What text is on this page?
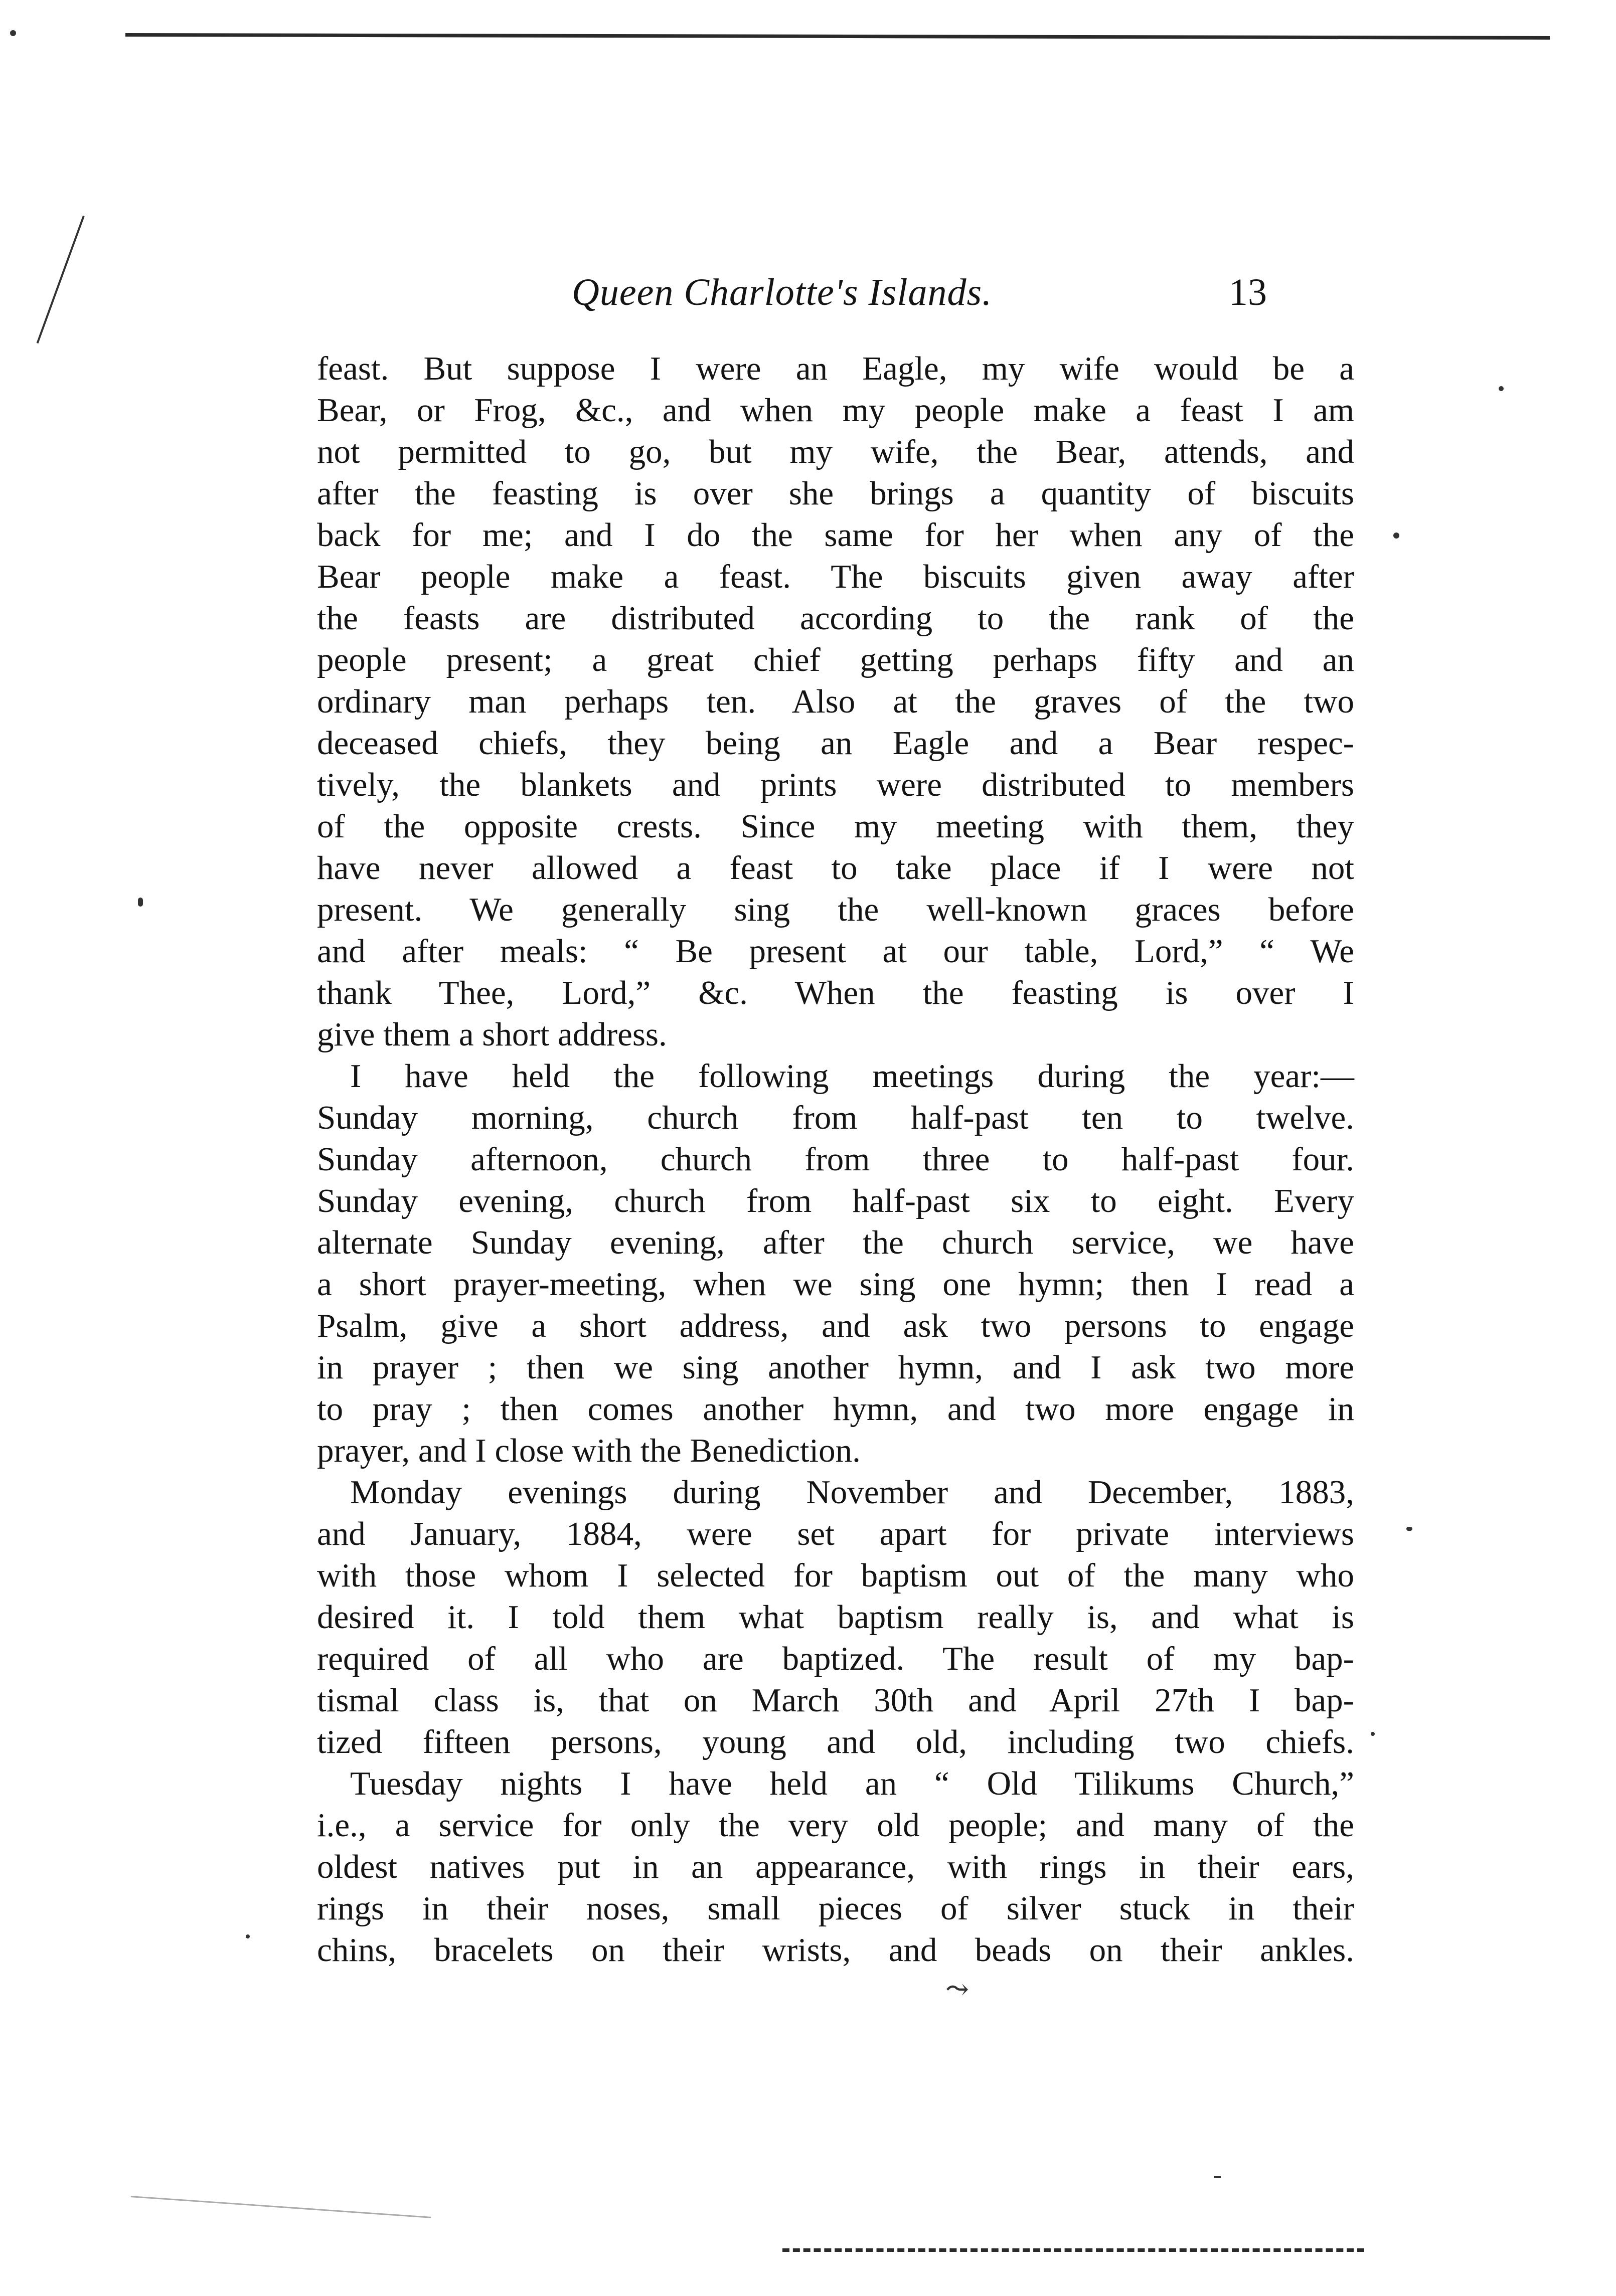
Queen Charlotte's Islands.	13
feast. But suppose I were an Eagle, my wife would be a
Bear, or Frog, &c., and when my people make a feast I am
not permitted to go, but my wife, the Bear, attends, and
after the feasting is over she brings a quantity of biscuits
back for me; and I do the same for her when any of the
Bear people make a feast. The biscuits given away after
the feasts are distributed according to the rank of the
people present; a great chief getting perhaps fifty and an
ordinary man perhaps ten. Also at the graves of the two
deceased chiefs, they being an Eagle and a Bear respec-
tively, the blankets and prints were distributed to members
of the opposite crests. Since my meeting with them, they
have never allowed a feast to take place if I were not
present. We generally sing the well-known graces before
and after meals: “ Be present at our table, Lord,” “ We
thank Thee, Lord,” &c. When the feasting is over I
give them a short address.
I have held the following meetings during the year:—
Sunday morning, church from half-past ten to twelve.
Sunday afternoon, church from three to half-past four.
Sunday evening, church from half-past six to eight. Every
alternate Sunday evening, after the church service, we have
a short prayer-meeting, when we sing one hymn; then I read a
Psalm, give a short address, and ask two persons to engage
in prayer ; then we sing another hymn, and I ask two more
to pray ; then comes another hymn, and two more engage in
prayer, and I close with the Benediction.
Monday evenings during November and December, 1883,
and January, 1884, were set apart for private interviews
with those whom I selected for baptism out of the many who
desired it. I told them what baptism really is, and what is
required of all who are baptized. The result of my bap-
tismal class is, that on March 30th and April 27th I bap-
tized fifteen persons, young and old, including two chiefs.
Tuesday nights I have held an “ Old Tilikums Church,”
i.e., a service for only the very old people; and many of the
oldest natives put in an appearance, with rings in their ears,
rings in their noses, small pieces of silver stuck in their
chins, bracelets on their wrists, and beads on their ankles.
⤳
